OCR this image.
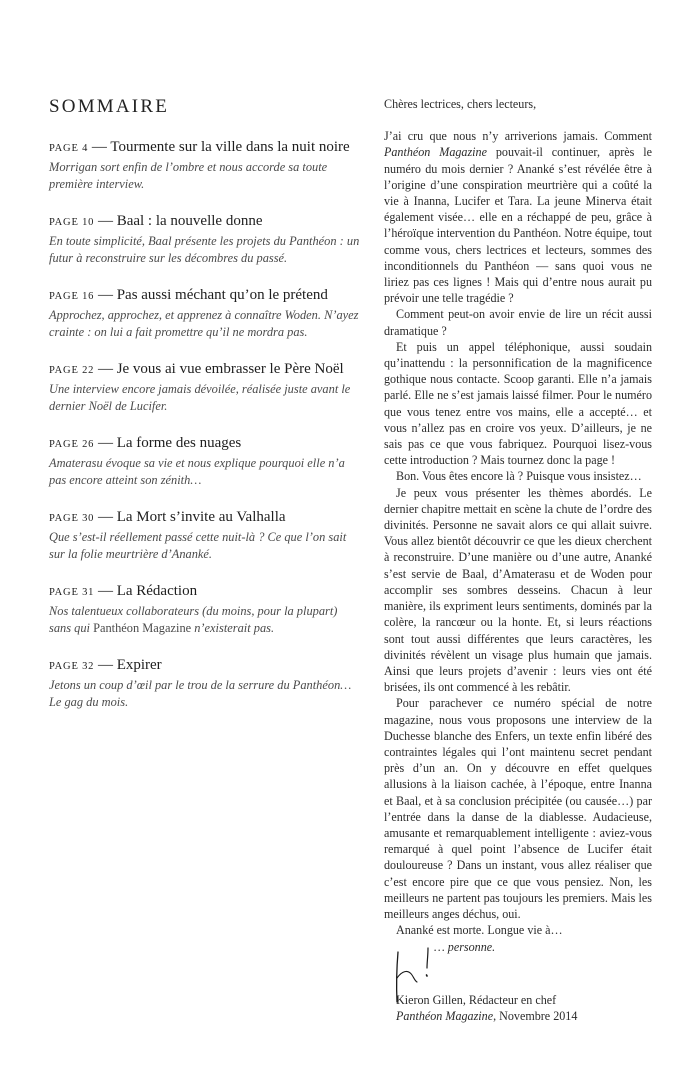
SOMMAIRE
PAGE 4 — Tourmente sur la ville dans la nuit noire
Morrigan sort enfin de l’ombre et nous accorde sa toute première interview.
PAGE 10 — Baal : la nouvelle donne
En toute simplicité, Baal présente les projets du Panthéon : un futur à reconstruire sur les décombres du passé.
PAGE 16 — Pas aussi méchant qu’on le prétend
Approchez, approchez, et apprenez à connaître Woden. N’ayez crainte : on lui a fait promettre qu’il ne mordra pas.
PAGE 22 — Je vous ai vue embrasser le Père Noël
Une interview encore jamais dévoilée, réalisée juste avant le dernier Noël de Lucifer.
PAGE 26 — La forme des nuages
Amaterasu évoque sa vie et nous explique pourquoi elle n’a pas encore atteint son zénith…
PAGE 30 — La Mort s’invite au Valhalla
Que s’est-il réellement passé cette nuit-là ? Ce que l’on sait sur la folie meurtrière d’Ananké.
PAGE 31 — La Rédaction
Nos talentueux collaborateurs (du moins, pour la plupart) sans qui Panthéon Magazine n’existerait pas.
PAGE 32 — Expirer
Jetons un coup d’œil par le trou de la serrure du Panthéon… Le gag du mois.

Chères lectrices, chers lecteurs,

J’ai cru que nous n’y arriverions jamais. Comment Panthéon Magazine pouvait-il continuer, après le numéro du mois dernier ? Ananké s’est révélée être à l’origine d’une conspiration meurtrière qui a coûté la vie à Inanna, Lucifer et Tara. La jeune Minerva était également visée… elle en a réchappé de peu, grâce à l’héroïque intervention du Panthéon. Notre équipe, tout comme vous, chers lectrices et lecteurs, sommes des inconditionnels du Panthéon — sans quoi vous ne liriez pas ces lignes ! Mais qui d’entre nous aurait pu prévoir une telle tragédie ?

Comment peut-on avoir envie de lire un récit aussi dramatique ?

Et puis un appel téléphonique, aussi soudain qu’inattendu : la personnification de la magnificence gothique nous contacte. Scoop garanti. Elle n’a jamais parlé. Elle ne s’est jamais laissé filmer. Pour le numéro que vous tenez entre vos mains, elle a accepté… et vous n’allez pas en croire vos yeux. D’ailleurs, je ne sais pas ce que vous fabriquez. Pourquoi lisez-vous cette introduction ? Mais tournez donc la page !

Bon. Vous êtes encore là ? Puisque vous insistez…

Je peux vous présenter les thèmes abordés. Le dernier chapitre mettait en scène la chute de l’ordre des divinités. Personne ne savait alors ce qui allait suivre. Vous allez bientôt découvrir ce que les dieux cherchent à reconstruire. D’une manière ou d’une autre, Ananké s’est servie de Baal, d’Amaterasu et de Woden pour accomplir ses sombres desseins. Chacun à leur manière, ils expriment leurs sentiments, dominés par la colère, la rancœur ou la honte. Et, si leurs réactions sont tout aussi différentes que leurs caractères, les divinités révèlent un visage plus humain que jamais. Ainsi que leurs projets d’avenir : leurs vies ont été brisées, ils ont commencé à les rebâtir.

Pour parachever ce numéro spécial de notre magazine, nous vous proposons une interview de la Duchesse blanche des Enfers, un texte enfin libéré des contraintes légales qui l’ont maintenu secret pendant près d’un an. On y découvre en effet quelques allusions à la liaison cachée, à l’époque, entre Inanna et Baal, et à sa conclusion précipitée (ou causée…) par l’entrée dans la danse de la diablesse. Audacieuse, amusante et remarquablement intelligente : aviez-vous remarqué à quel point l’absence de Lucifer était douloureuse ? Dans un instant, vous allez réaliser que c’est encore pire que ce que vous pensiez. Non, les meilleurs ne partent pas toujours les premiers. Mais les meilleurs anges déchus, oui.

Ananké est morte. Longue vie à…

… personne.

Kieron Gillen, Rédacteur en chef
Panthéon Magazine, Novembre 2014
